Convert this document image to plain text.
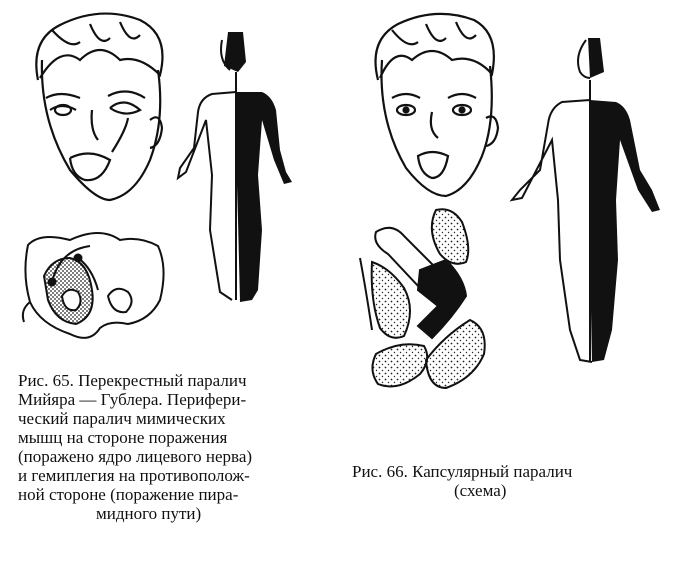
Рис. 65. Перекрестный паралич
Мийяра — Гублера. Перифери-
ческий паралич мимических
мышц на стороне поражения
(поражено ядро лицевого нерва)
и гемиплегия на противополож-
ной стороне (поражение пира-
мидного пути)
Рис. 66. Капсулярный паралич
(схема)
